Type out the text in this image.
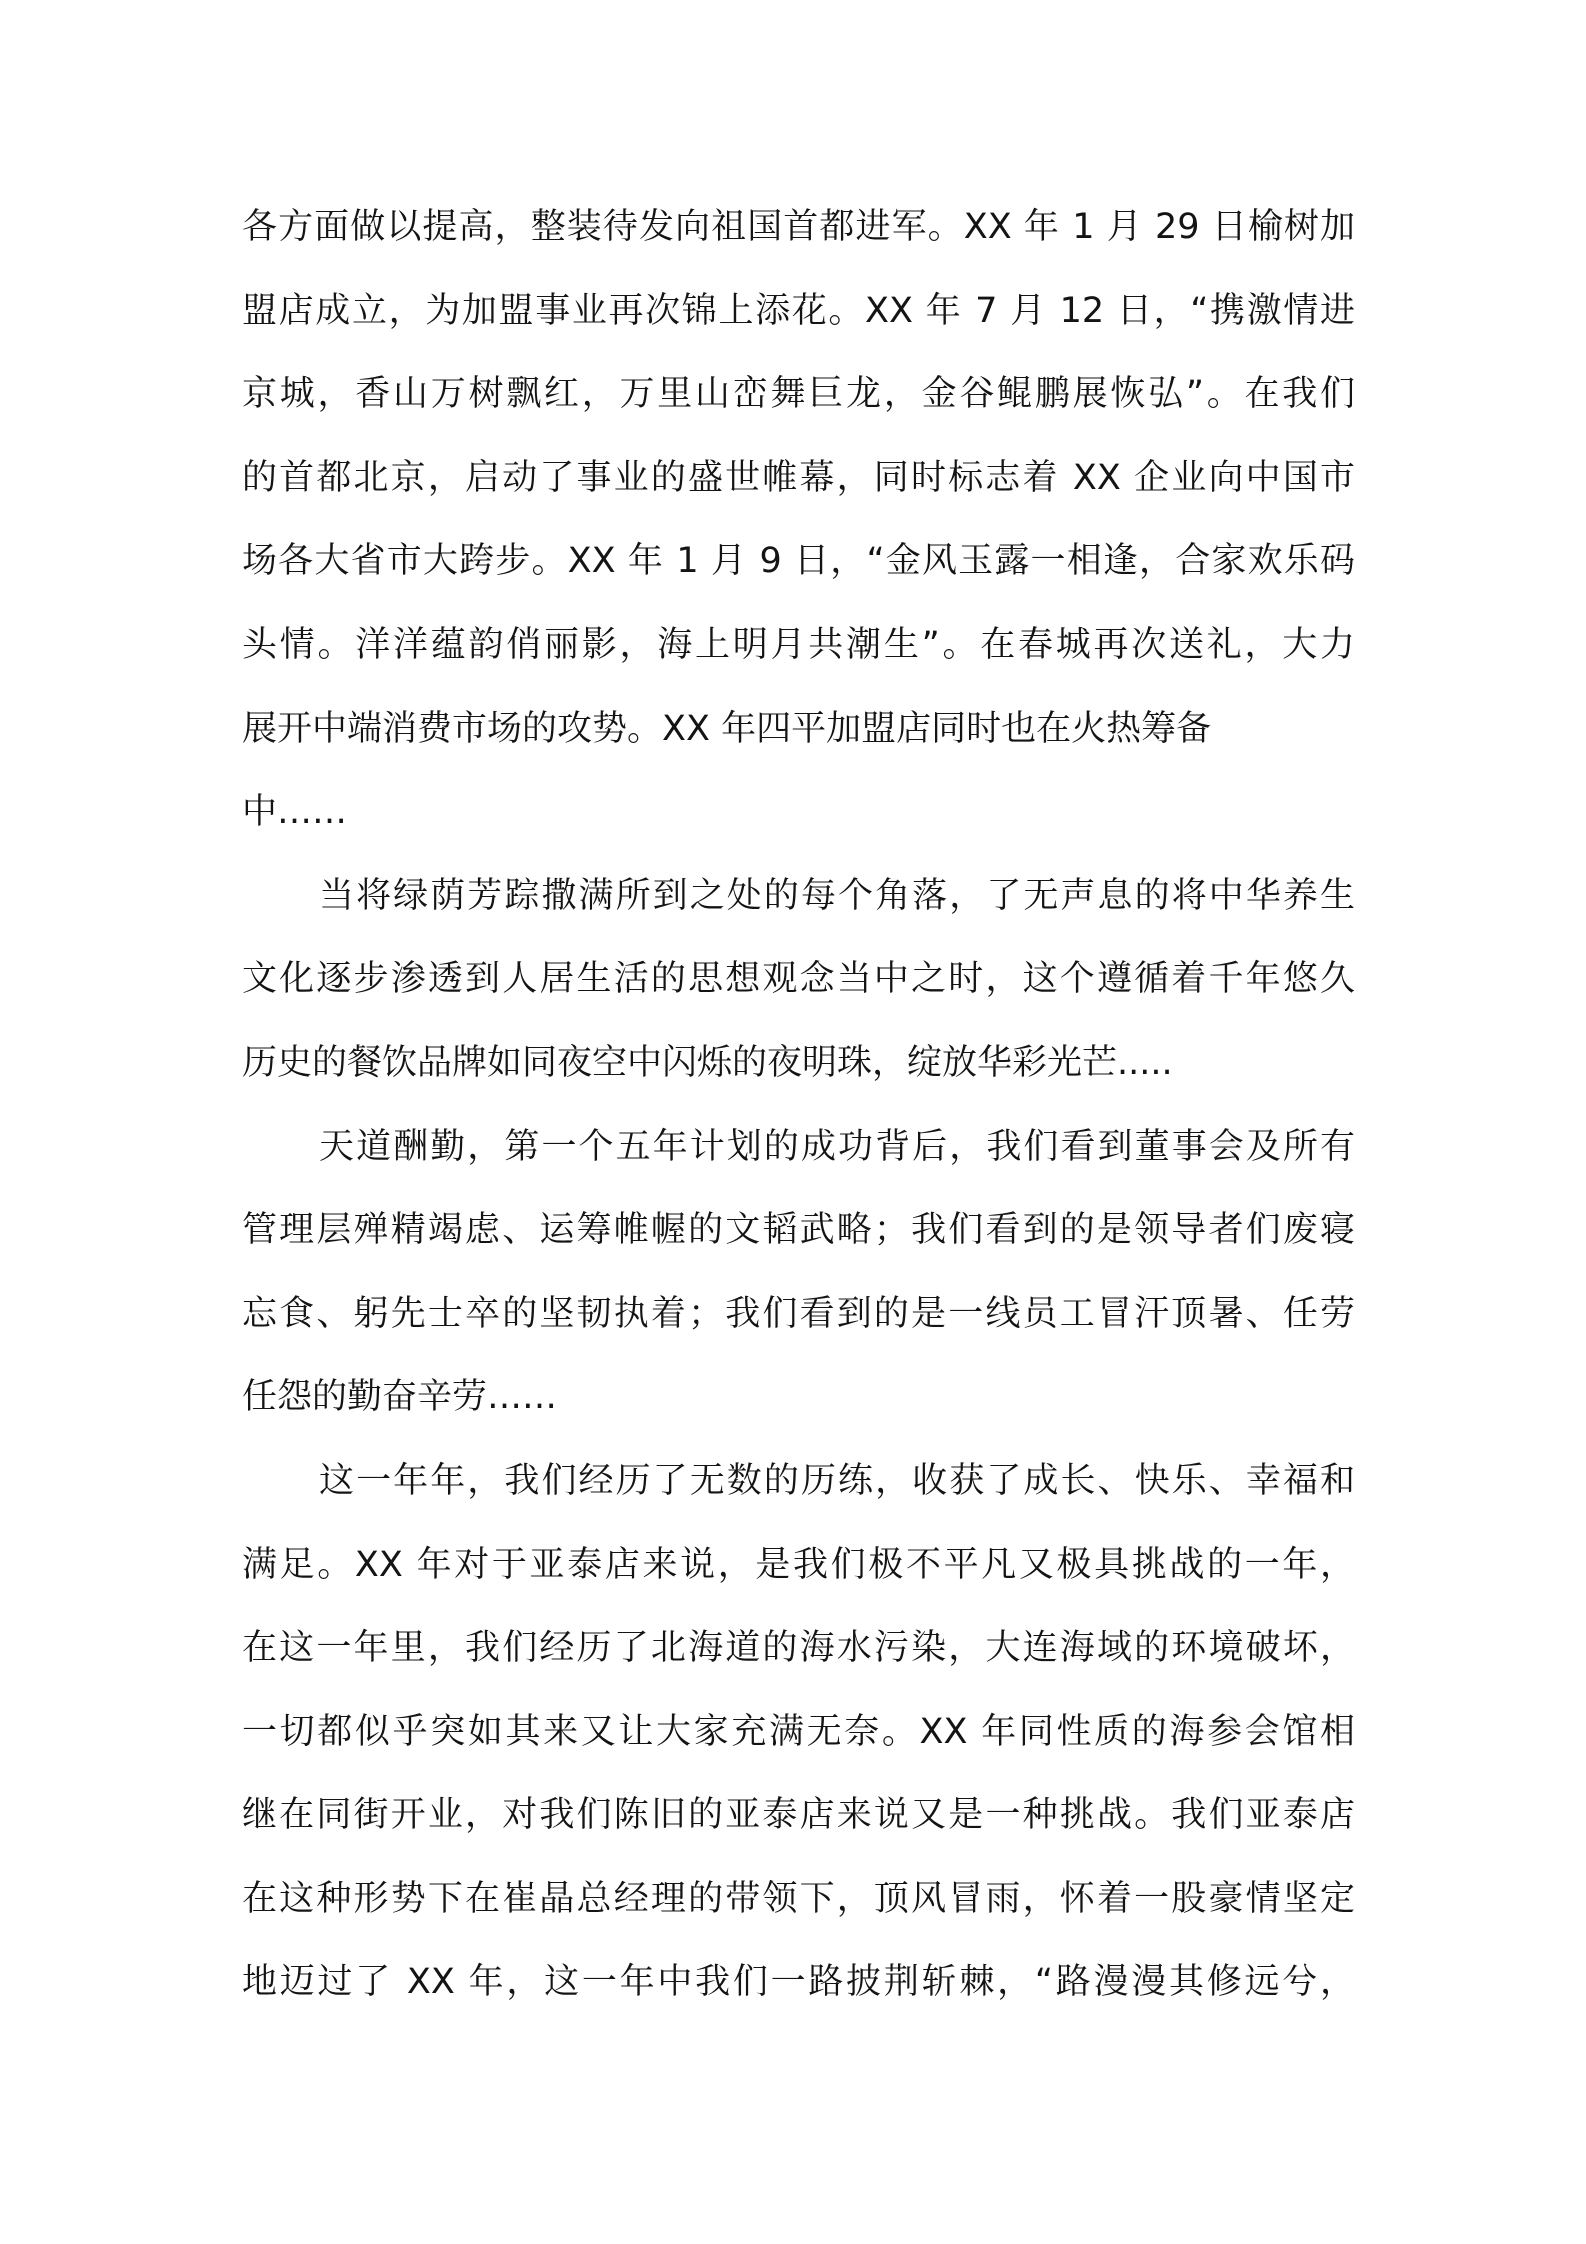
各方面做以提高，整装待发向祖国首都进军。XX 年 1 月 29 日榆树加
盟店成立，为加盟事业再次锦上添花。XX 年 7 月 12 日，“携激情进
京城，香山万树飘红，万里山峦舞巨龙，金谷鲲鹏展恢弘”。在我们
的首都北京，启动了事业的盛世帷幕，同时标志着 XX 企业向中国市
场各大省市大跨步。XX 年 1 月 9 日，“金风玉露一相逢，合家欢乐码
头情。洋洋蕴韵俏丽影，海上明月共潮生”。在春城再次送礼，大力
展开中端消费市场的攻势。XX 年四平加盟店同时也在火热筹备
中……
当将绿荫芳踪撒满所到之处的每个角落，了无声息的将中华养生
文化逐步渗透到人居生活的思想观念当中之时，这个遵循着千年悠久
历史的餐饮品牌如同夜空中闪烁的夜明珠，绽放华彩光芒.....
天道酬勤，第一个五年计划的成功背后，我们看到董事会及所有
管理层殚精竭虑、运筹帷幄的文韬武略；我们看到的是领导者们废寝
忘食、躬先士卒的坚韧执着；我们看到的是一线员工冒汗顶暑、任劳
任怨的勤奋辛劳……
这一年年，我们经历了无数的历练，收获了成长、快乐、幸福和
满足。XX 年对于亚泰店来说，是我们极不平凡又极具挑战的一年，
在这一年里，我们经历了北海道的海水污染，大连海域的环境破坏，
一切都似乎突如其来又让大家充满无奈。XX 年同性质的海参会馆相
继在同街开业，对我们陈旧的亚泰店来说又是一种挑战。我们亚泰店
在这种形势下在崔晶总经理的带领下，顶风冒雨，怀着一股豪情坚定
地迈过了 XX 年，这一年中我们一路披荆斩棘，“路漫漫其修远兮，
